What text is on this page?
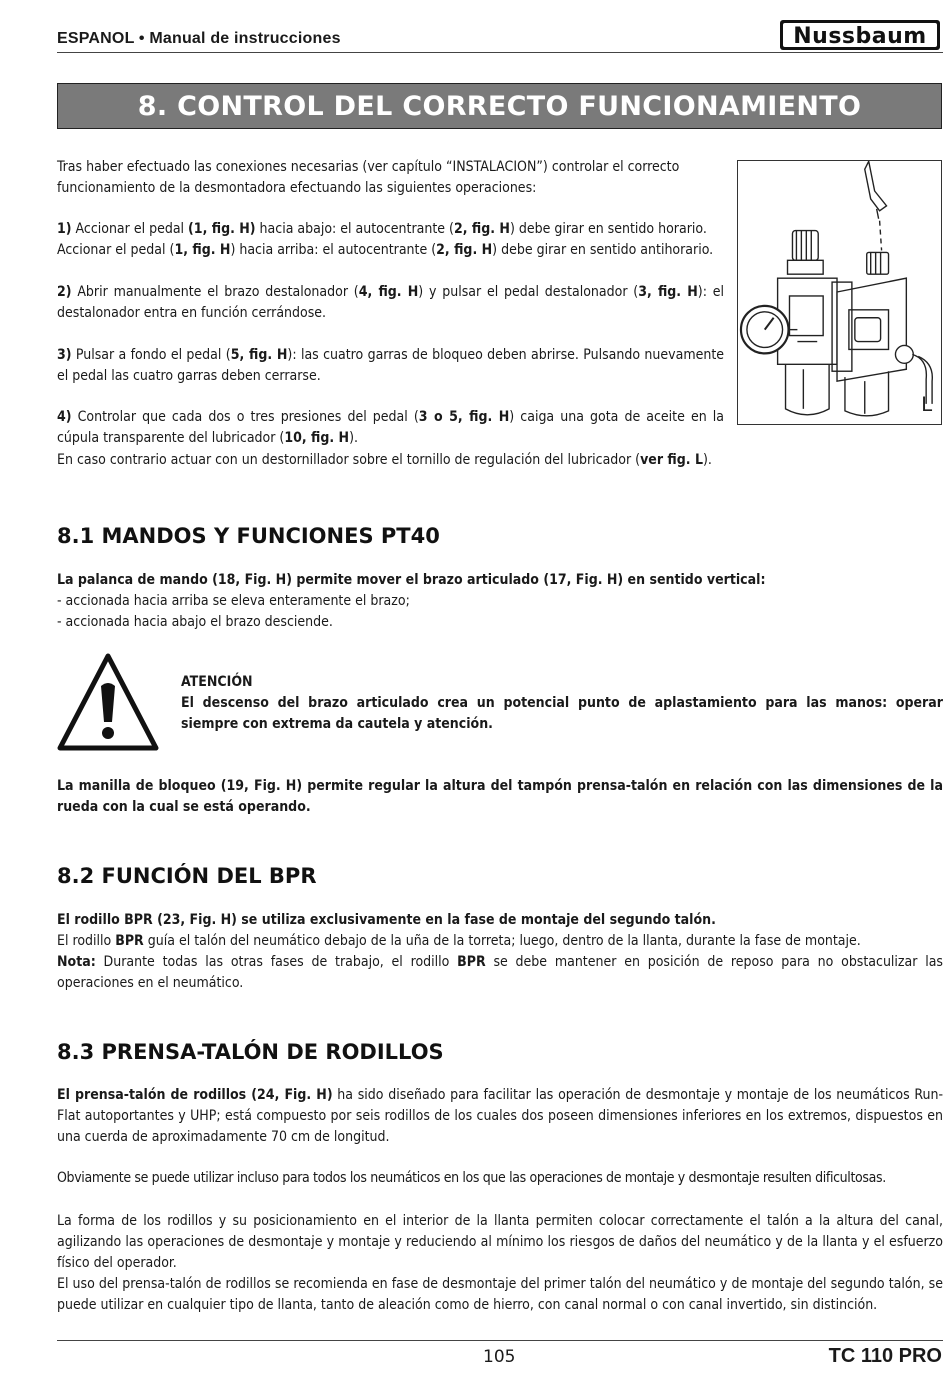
ESPANOL • Manual de instrucciones	Nussbaum
8. CONTROL DEL CORRECTO FUNCIONAMIENTO
Tras haber efectuado las conexiones necesarias (ver capítulo “INSTALACION”) controlar el correcto funcionamiento de la desmontadora efectuando las siguientes operaciones:
1) Accionar el pedal (1, fig. H) hacia abajo: el autocentrante (2, fig. H) debe girar en sentido horario.
Accionar el pedal (1, fig. H) hacia arriba: el autocentrante (2, fig. H) debe girar en sentido antihorario.
2) Abrir manualmente el brazo destalonador (4, fig. H) y pulsar el pedal destalonador (3, fig. H): el destalonador entra en función cerrándose.
3) Pulsar a fondo el pedal (5, fig. H): las cuatro garras de bloqueo deben abrirse. Pulsando nuevamente el pedal las cuatro garras deben cerrarse.
4) Controlar que cada dos o tres presiones del pedal (3 o 5, fig. H) caiga una gota de aceite en la cúpula transparente del lubricador (10, fig. H).
En caso contrario actuar con un destornillador sobre el tornillo de regulación del lubricador (ver fig. L).
L
8.1 MANDOS Y FUNCIONES PT40
La palanca de mando (18, Fig. H) permite mover el brazo articulado (17, Fig. H) en sentido vertical:
- accionada hacia arriba se eleva enteramente el brazo;
- accionada hacia abajo el brazo desciende.
ATENCIÓN
El descenso del brazo articulado crea un potencial punto de aplastamiento para las manos: operar siempre con extrema da cautela y atención.
La manilla de bloqueo (19, Fig. H) permite regular la altura del tampón prensa-talón en relación con las dimensiones de la rueda con la cual se está operando.
8.2 FUNCIÓN DEL BPR
El rodillo BPR (23, Fig. H) se utiliza exclusivamente en la fase de montaje del segundo talón.
El rodillo BPR guía el talón del neumático debajo de la uña de la torreta; luego, dentro de la llanta, durante la fase de montaje.
Nota: Durante todas las otras fases de trabajo, el rodillo BPR se debe mantener en posición de reposo para no obstaculizar las operaciones en el neumático.
8.3 PRENSA-TALÓN DE RODILLOS
El prensa-talón de rodillos (24, Fig. H) ha sido diseñado para facilitar las operación de desmontaje y montaje de los neumáticos Run-Flat autoportantes y UHP; está compuesto por seis rodillos de los cuales dos poseen dimensiones inferiores en los extremos, dispuestos en una cuerda de aproximadamente 70 cm de longitud.
Obviamente se puede utilizar incluso para todos los neumáticos en los que las operaciones de montaje y desmontaje resulten dificultosas.
La forma de los rodillos y su posicionamiento en el interior de la llanta permiten colocar correctamente el talón a la altura del canal, agilizando las operaciones de desmontaje y montaje y reduciendo al mínimo los riesgos de daños del neumático y de la llanta y el esfuerzo físico del operador.
El uso del prensa-talón de rodillos se recomienda en fase de desmontaje del primer talón del neumático y de montaje del segundo talón, se puede utilizar en cualquier tipo de llanta, tanto de aleación como de hierro, con canal normal o con canal invertido, sin distinción.
105	TC 110 PRO
